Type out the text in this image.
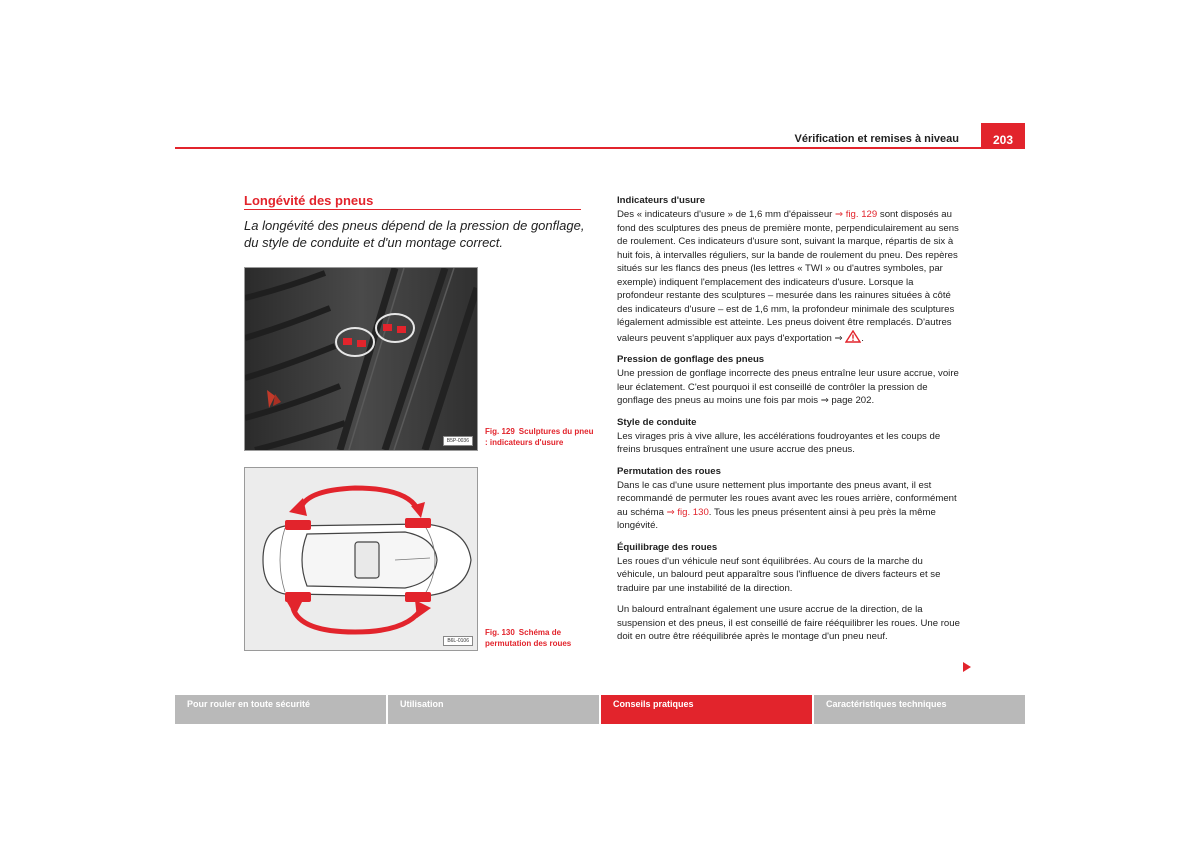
Vérification et remises à niveau	203
Longévité des pneus
La longévité des pneus dépend de la pression de gonflage, du style de conduite et d'un montage correct.
B5P-0036
Fig. 129 Sculptures du pneu : indicateurs d'usure
B6L-0106
Fig. 130 Schéma de permutation des roues
Indicateurs d'usure

Des « indicateurs d'usure » de 1,6 mm d'épaisseur ⇒ fig. 129 sont disposés au fond des sculptures des pneus de première monte, perpendiculairement au sens de roulement. Ces indicateurs d'usure sont, suivant la marque, répartis de six à huit fois, à intervalles réguliers, sur la bande de roulement du pneu. Des repères situés sur les flancs des pneus (les lettres « TWI » ou d'autres symboles, par exemple) indiquent l'emplacement des indicateurs d'usure. Lorsque la profondeur restante des sculptures – mesurée dans les rainures situées à côté des indicateurs d'usure – est de 1,6 mm, la profondeur minimale des sculptures légalement admissible est atteinte. Les pneus doivent être remplacés. D'autres valeurs peuvent s'appliquer aux pays d'exportation ⇒ .

Pression de gonflage des pneus

Une pression de gonflage incorrecte des pneus entraîne leur usure accrue, voire leur éclatement. C'est pourquoi il est conseillé de contrôler la pression de gonflage des pneus au moins une fois par mois ⇒ page 202.

Style de conduite

Les virages pris à vive allure, les accélérations foudroyantes et les coups de freins brusques entraînent une usure accrue des pneus.

Permutation des roues

Dans le cas d'une usure nettement plus importante des pneus avant, il est recommandé de permuter les roues avant avec les roues arrière, conformément au schéma ⇒ fig. 130. Tous les pneus présentent ainsi à peu près la même longévité.

Équilibrage des roues

Les roues d'un véhicule neuf sont équilibrées. Au cours de la marche du véhicule, un balourd peut apparaître sous l'influence de divers facteurs et se traduire par une instabilité de la direction.

Un balourd entraînant également une usure accrue de la direction, de la suspension et des pneus, il est conseillé de faire rééquilibrer les roues. Une roue doit en outre être rééquilibrée après le montage d'un pneu neuf.

Pour rouler en toute sécurité	Utilisation	Conseils pratiques	Caractéristiques techniques
